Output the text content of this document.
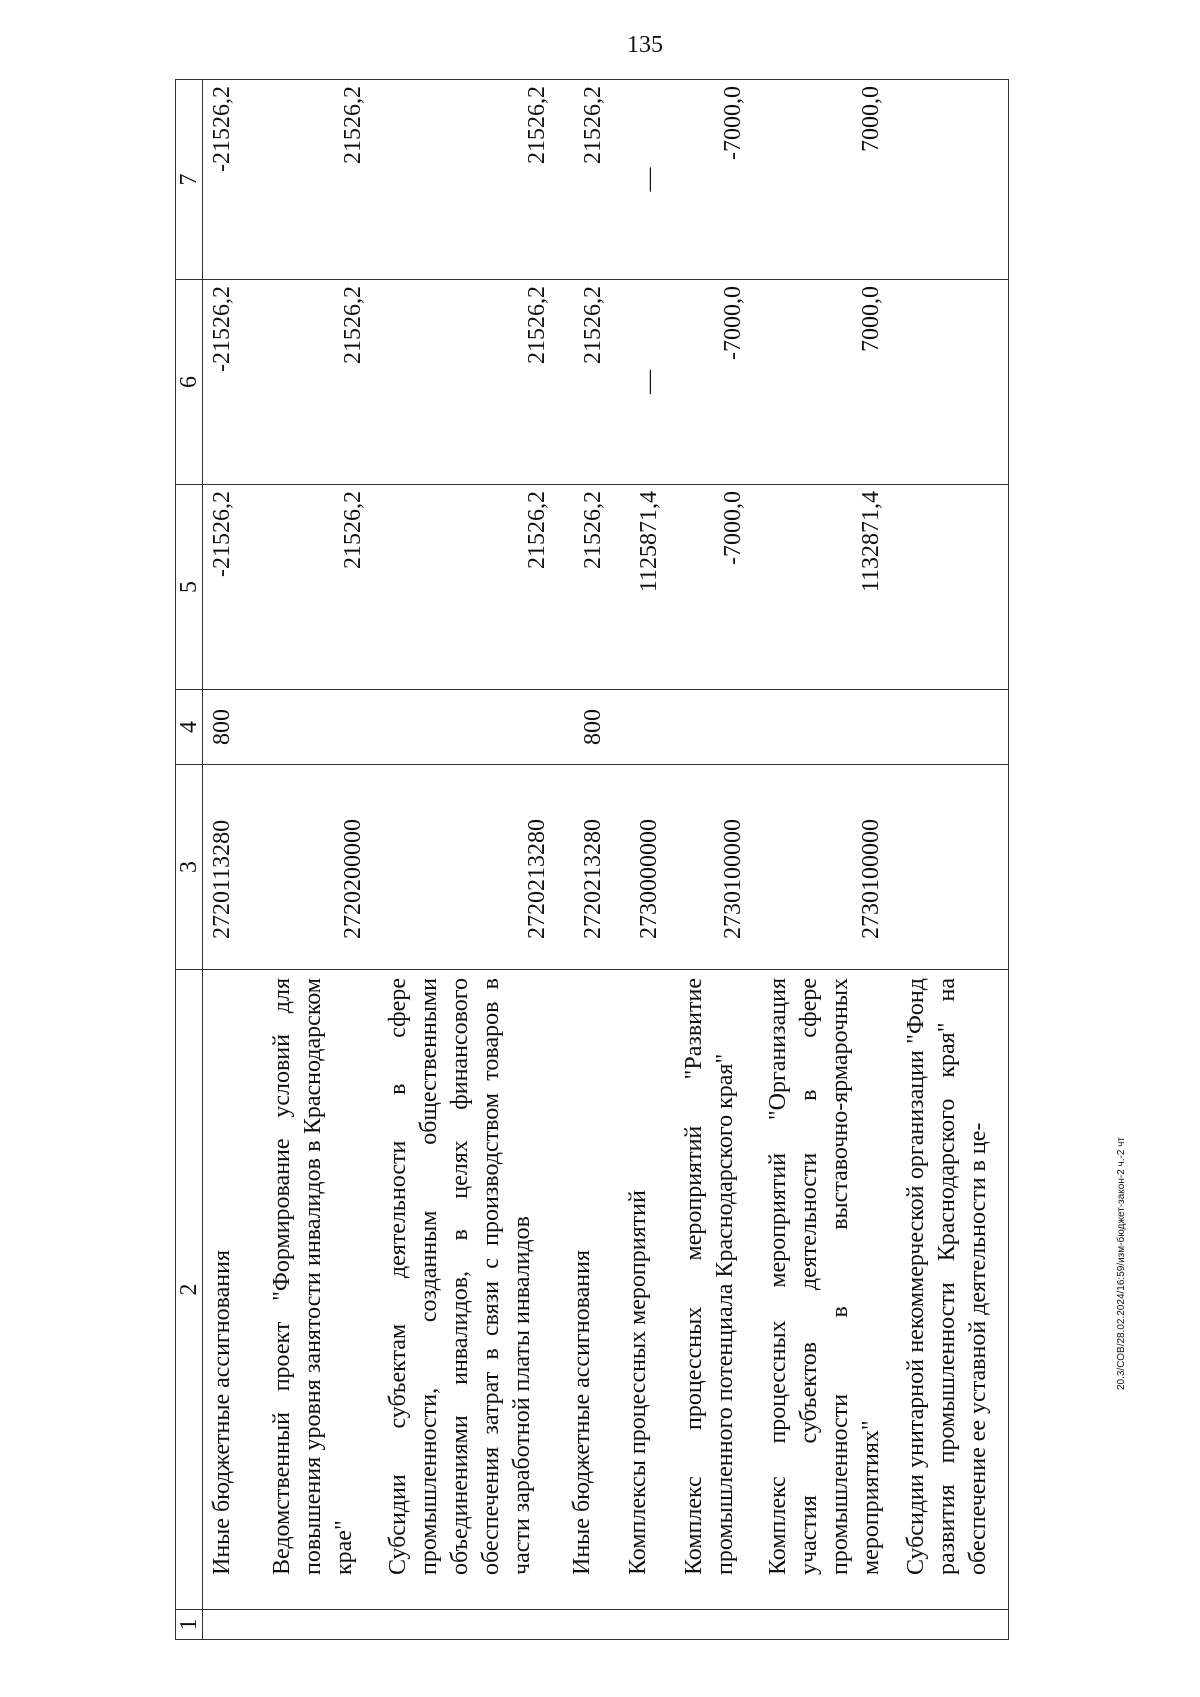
135
20.3/СОВ/28.02.2024/16:59/изм-бюджет-закон-2 ч.-2 чт
1	2	3	4	5	6	7
	Иные бюджетные ассигнования	2720113280	800	-21526,2	-21526,2	-21526,2
	Ведомственный проект "Формирование условий для повышения уровня занятости инвалидов в Краснодарском крае"	2720200000		21526,2	21526,2	21526,2
	Субсидии субъектам деятельности в сфере промышленности, созданным общественными объединениями инвалидов, в целях финансового обеспечения затрат в связи с производством товаров в части заработной платы инвалидов	2720213280		21526,2	21526,2	21526,2
	Иные бюджетные ассигнования	2720213280	800	21526,2	21526,2	21526,2
	Комплексы процессных мероприятий	2730000000		1125871,4	—	—
	Комплекс процессных мероприятий "Развитие промышленного потенциала Краснодарского края"	2730100000		-7000,0	-7000,0	-7000,0
	Комплекс процессных мероприятий "Организация участия субъектов деятельности в сфере промышленности в выставочно-ярмарочных мероприятиях"	2730100000		1132871,4	7000,0	7000,0
	Субсидии унитарной некоммерческой организации "Фонд развития промышленности Краснодарского края" на обеспечение ее уставной деятельности в це-					
